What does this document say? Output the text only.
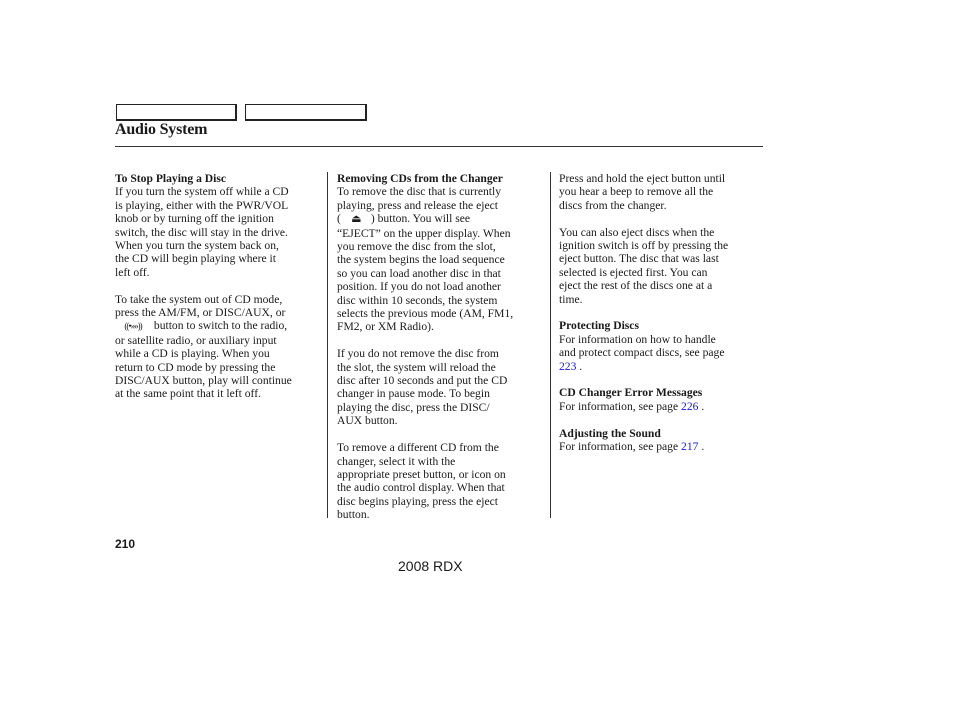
Audio System

To Stop Playing a Disc
If you turn the system off while a CD
is playing, either with the PWR/VOL
knob or by turning off the ignition
switch, the disc will stay in the drive.
When you turn the system back on,
the CD will begin playing where it
left off.

To take the system out of CD mode,
press the AM/FM, or DISC/AUX, or
((•»»)) button to switch to the radio,
or satellite radio, or auxiliary input
while a CD is playing. When you
return to CD mode by pressing the
DISC/AUX button, play will continue
at the same point that it left off.

Removing CDs from the Changer
To remove the disc that is currently
playing, press and release the eject
( ⏏ ) button. You will see
“EJECT” on the upper display. When
you remove the disc from the slot,
the system begins the load sequence
so you can load another disc in that
position. If you do not load another
disc within 10 seconds, the system
selects the previous mode (AM, FM1,
FM2, or XM Radio).

If you do not remove the disc from
the slot, the system will reload the
disc after 10 seconds and put the CD
changer in pause mode. To begin
playing the disc, press the DISC/
AUX button.

To remove a different CD from the
changer, select it with the
appropriate preset button, or icon on
the audio control display. When that
disc begins playing, press the eject
button.

Press and hold the eject button until
you hear a beep to remove all the
discs from the changer.

You can also eject discs when the
ignition switch is off by pressing the
eject button. The disc that was last
selected is ejected first. You can
eject the rest of the discs one at a
time.

Protecting Discs
For information on how to handle
and protect compact discs, see page
223 .

CD Changer Error Messages
For information, see page 226 .

Adjusting the Sound
For information, see page 217 .

210
2008 RDX
